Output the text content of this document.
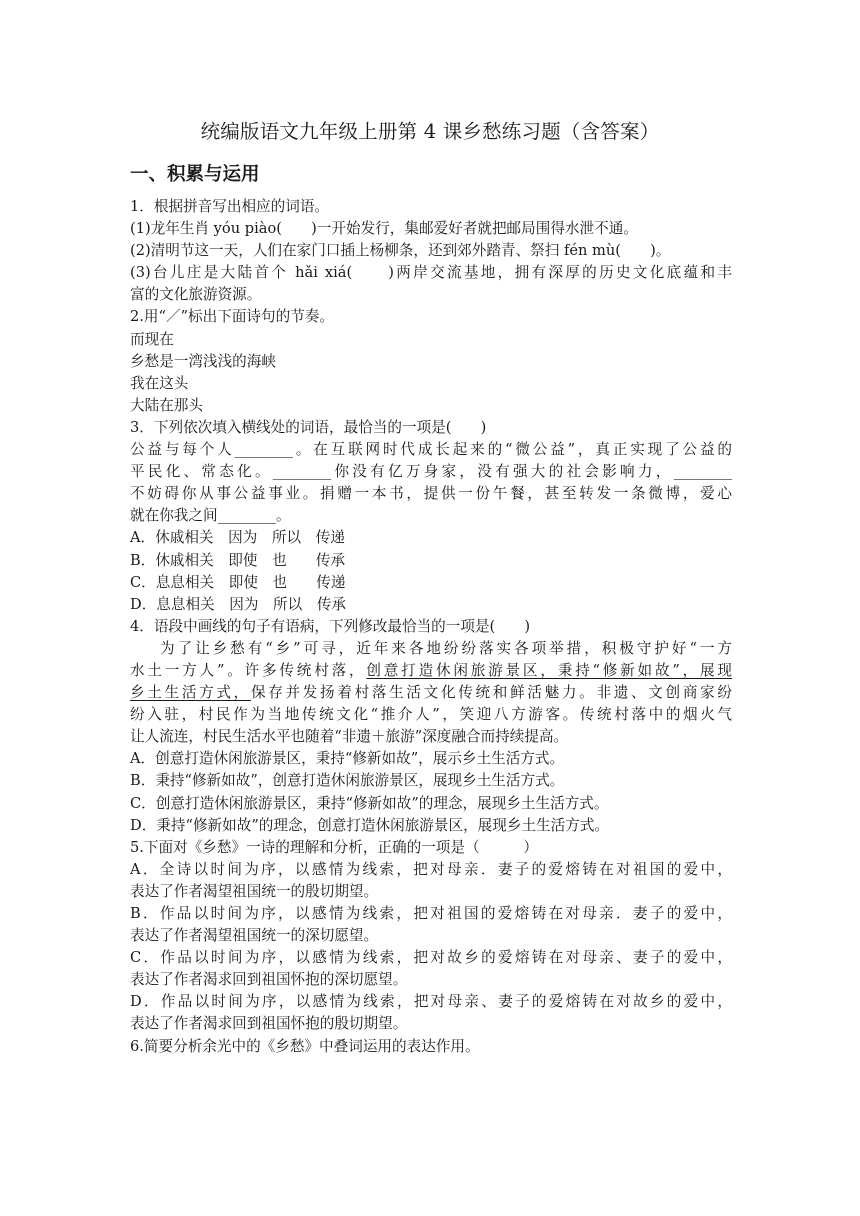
统编版语文九年级上册第 4 课乡愁练习题（含答案）
一、积累与运用
1．根据拼音写出相应的词语。
(1)龙年生肖 yóu piào(　　)一开始发行，集邮爱好者就把邮局围得水泄不通。
(2)清明节这一天，人们在家门口插上杨柳条，还到郊外踏青、祭扫 fén mù(　　)。
(3)台儿庄是大陆首个 hǎi xiá(　　)两岸交流基地，拥有深厚的历史文化底蕴和丰
富的文化旅游资源。
2.用“／”标出下面诗句的节奏。
而现在
乡愁是一湾浅浅的海峡
我在这头
大陆在那头
3．下列依次填入横线处的词语，最恰当的一项是(　　)
公益与每个人________。在互联网时代成长起来的“微公益”，真正实现了公益的
平民化、常态化。________你没有亿万身家，没有强大的社会影响力，________
不妨碍你从事公益事业。捐赠一本书，提供一份午餐，甚至转发一条微博，爱心
就在你我之间________。
A．休戚相关　因为　所以　传递
B．休戚相关　即使　也　　传承
C．息息相关　即使　也　　传递
D．息息相关　因为　所以　传承
4．语段中画线的句子有语病，下列修改最恰当的一项是(　　)
为了让乡愁有“乡”可寻，近年来各地纷纷落实各项举措，积极守护好“一方
水土一方人”。许多传统村落，创意打造休闲旅游景区，秉持“修新如故”，展现
乡土生活方式，保存并发扬着村落生活文化传统和鲜活魅力。非遗、文创商家纷
纷入驻，村民作为当地传统文化“推介人”，笑迎八方游客。传统村落中的烟火气
让人流连，村民生活水平也随着“非遗＋旅游”深度融合而持续提高。
A．创意打造休闲旅游景区，秉持“修新如故”，展示乡土生活方式。
B．秉持“修新如故”，创意打造休闲旅游景区，展现乡土生活方式。
C．创意打造休闲旅游景区，秉持“修新如故”的理念，展现乡土生活方式。
D．秉持“修新如故”的理念，创意打造休闲旅游景区，展现乡土生活方式。
5.下面对《乡愁》一诗的理解和分析，正确的一项是（　　　）
A．全诗以时间为序，以感情为线索，把对母亲．妻子的爱熔铸在对祖国的爱中，
表达了作者渴望祖国统一的殷切期望。
B．作品以时间为序，以感情为线索，把对祖国的爱熔铸在对母亲．妻子的爱中，
表达了作者渴望祖国统一的深切愿望。
C．作品以时间为序，以感情为线索，把对故乡的爱熔铸在对母亲、妻子的爱中，
表达了作者渴求回到祖国怀抱的深切愿望。
D．作品以时间为序，以感情为线索，把对母亲、妻子的爱熔铸在对故乡的爱中，
表达了作者渴求回到祖国怀抱的殷切期望。
6.简要分析余光中的《乡愁》中叠词运用的表达作用。
